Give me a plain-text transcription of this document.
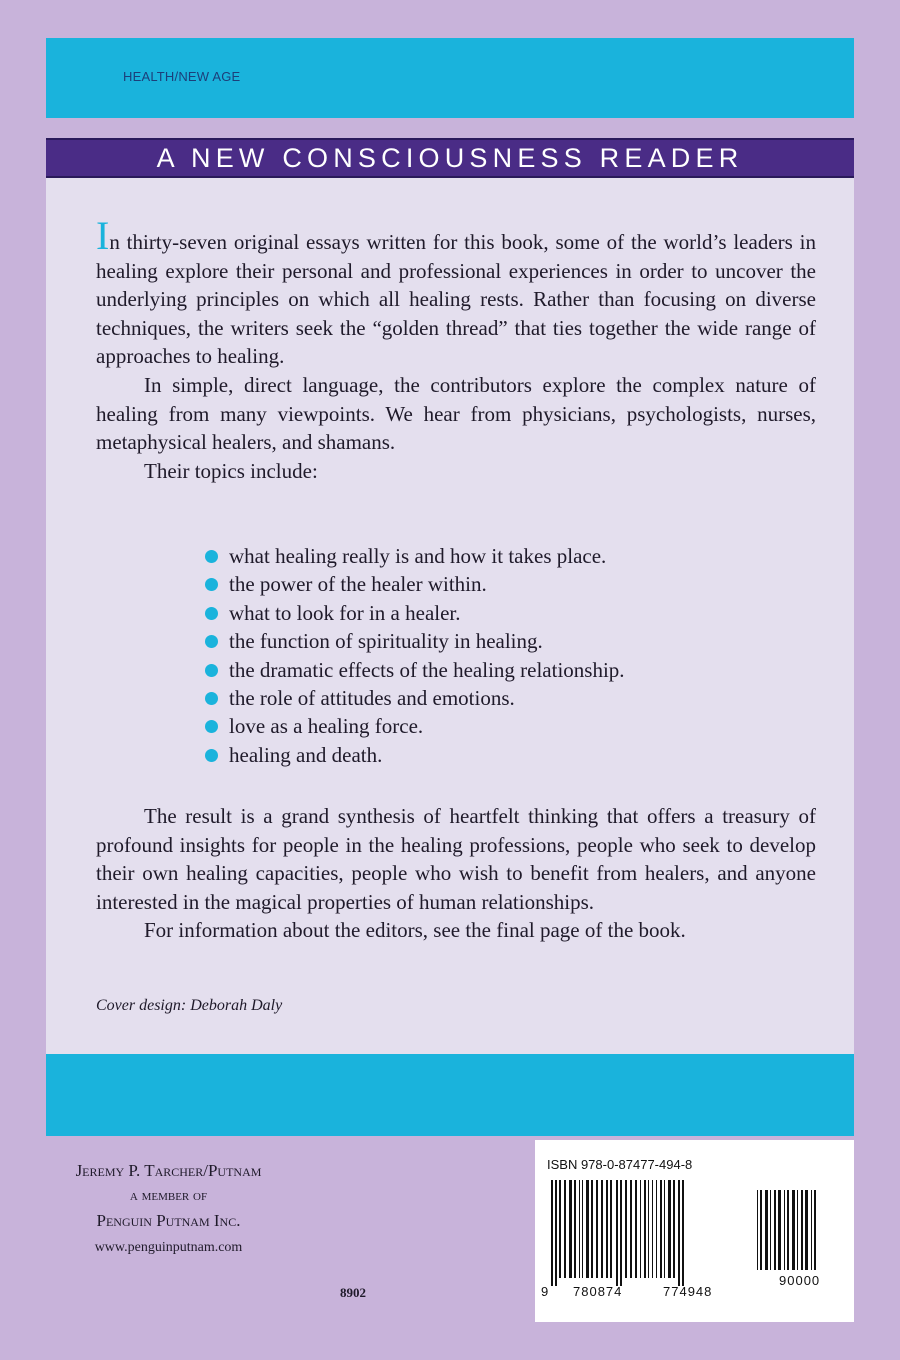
HEALTH/NEW AGE
A NEW CONSCIOUSNESS READER

In thirty-seven original essays written for this book, some of the world’s leaders in healing explore their personal and professional experiences in order to uncover the underlying principles on which all healing rests. Rather than focusing on diverse techniques, the writers seek the “golden thread” that ties together the wide range of approaches to healing.

In simple, direct language, the contributors explore the complex nature of healing from many viewpoints. We hear from physicians, psychologists, nurses, metaphysical healers, and shamans.

Their topics include:

what healing really is and how it takes place.
the power of the healer within.
what to look for in a healer.
the function of spirituality in healing.
the dramatic effects of the healing relationship.
the role of attitudes and emotions.
love as a healing force.
healing and death.

The result is a grand synthesis of heartfelt thinking that offers a treasury of profound insights for people in the healing professions, people who seek to develop their own healing capacities, people who wish to benefit from healers, and anyone interested in the magical properties of human relationships.

For information about the editors, see the final page of the book.

Cover design: Deborah Daly
Jeremy P. Tarcher/Putnam
a member of
Penguin Putnam Inc.
www.penguinputnam.com
8902
ISBN 978-0-87477-494-8
9 780874	774948
90000
